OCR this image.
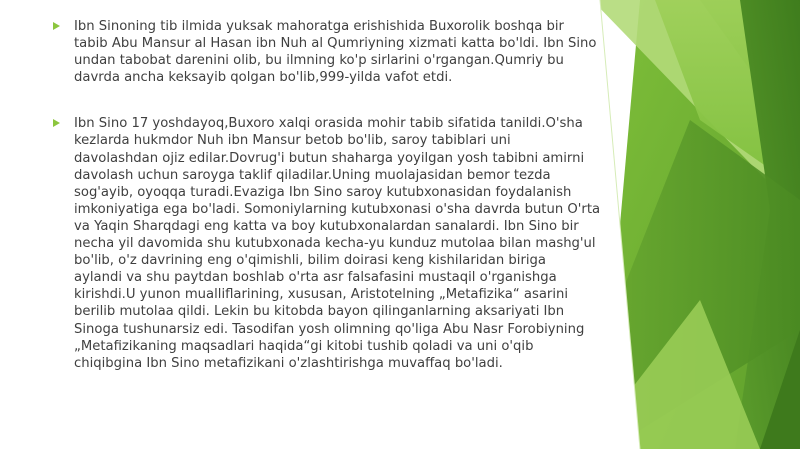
Ibn Sinoning tib ilmida yuksak mahoratga erishishida Buxorolik boshqa bir
tabib Abu Mansur al Hasan ibn Nuh al Qumriyning xizmati katta bo'ldi. Ibn Sino
undan tabobat darenini olib, bu ilmning ko'p sirlarini o'rgangan.Qumriy bu
davrda ancha keksayib qolgan bo'lib,999-yilda vafot etdi.
Ibn Sino 17 yoshdayoq,Buxoro xalqi orasida mohir tabib sifatida tanildi.O'sha
kezlarda hukmdor Nuh ibn Mansur betob bo'lib, saroy tabiblari uni
davolashdan ojiz edilar.Dovrug'i butun shaharga yoyilgan yosh tabibni amirni
davolash uchun saroyga taklif qiladilar.Uning muolajasidan bemor tezda
sog'ayib, oyoqqa turadi.Evaziga Ibn Sino saroy kutubxonasidan foydalanish
imkoniyatiga ega bo'ladi. Somoniylarning kutubxonasi o'sha davrda butun O'rta
va Yaqin Sharqdagi eng katta va boy kutubxonalardan sanalardi. Ibn Sino bir
necha yil davomida shu kutubxonada kecha-yu kunduz mutolaa bilan mashg'ul
bo'lib, o'z davrining eng o'qimishli, bilim doirasi keng kishilaridan biriga
aylandi va shu paytdan boshlab o'rta asr falsafasini mustaqil o'rganishga
kirishdi.U yunon mualliflarining, xususan, Aristotelning „Metafizika“ asarini
berilib mutolaa qildi. Lekin bu kitobda bayon qilinganlarning aksariyati Ibn
Sinoga tushunarsiz edi. Tasodifan yosh olimning qo'liga Abu Nasr Forobiyning
„Metafizikaning maqsadlari haqida“gi kitobi tushib qoladi va uni o'qib
chiqibgina Ibn Sino metafizikani o'zlashtirishga muvaffaq bo'ladi.
